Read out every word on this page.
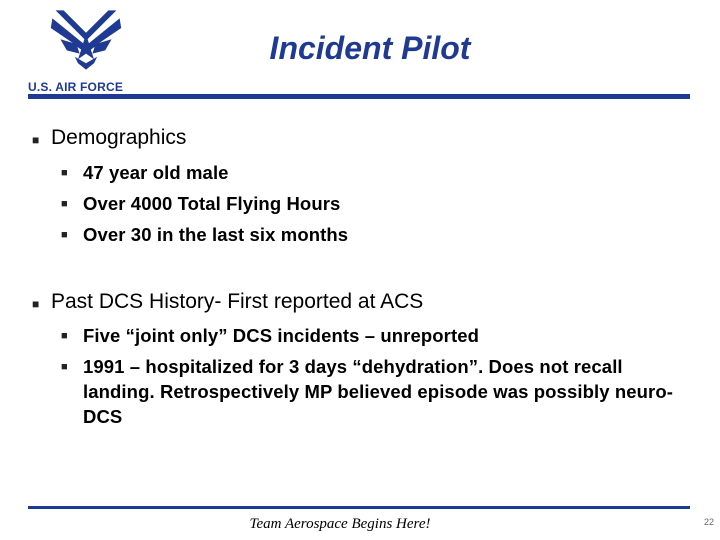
U.S. AIR FORCE
Incident Pilot
■ Demographics
■ 47 year old male
■ Over 4000 Total Flying Hours
■ Over 30 in the last six months
■ Past DCS History- First reported at ACS
■ Five “joint only” DCS incidents – unreported
■ 1991 – hospitalized for 3 days “dehydration”. Does not recall landing. Retrospectively MP believed episode was possibly neuro- DCS
Team Aerospace Begins Here!	22
